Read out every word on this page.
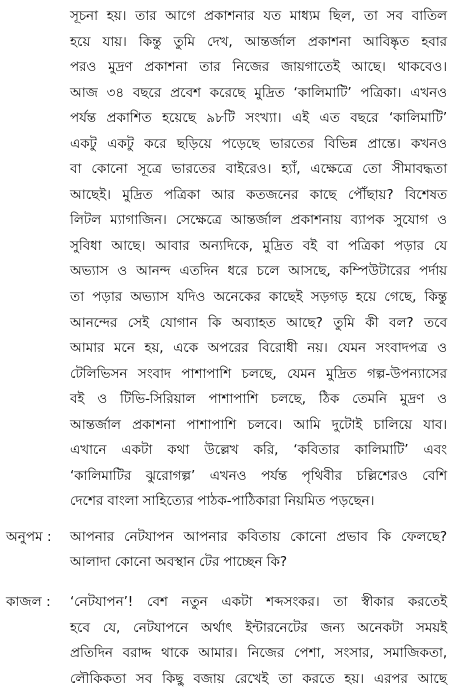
সূচনা হয়। তার আগে প্রকাশনার যত মাধ্যম ছিল, তা সব বাতিল
হয়ে যায়। কিন্তু তুমি দেখ, আন্তর্জাল প্রকাশনা আবিষ্কৃত হবার
পরও মুদ্রণ প্রকাশনা তার নিজের জায়গাতেই আছে। থাকবেও।
আজ ৩৪ বছরে প্রবেশ করেছে মুদ্রিত ‘কালিমাটি’ পত্রিকা। এখনও
পর্যন্ত প্রকাশিত হয়েছে ৯৮টি সংখ্যা। এই এত বছরে ‘কালিমাটি’
একটু একটু করে ছড়িয়ে পড়েছে ভারতের বিভিন্ন প্রান্তে। কখনও
বা কোনো সূত্রে ভারতের বাইরেও। হ্যাঁ, এক্ষেত্রে তো সীমাবদ্ধতা
আছেই। মুদ্রিত পত্রিকা আর কতজনের কাছে পৌঁছায়? বিশেষত
লিটল ম্যাগাজিন। সেক্ষেত্রে আন্তর্জাল প্রকাশনায় ব্যাপক সুযোগ ও
সুবিধা আছে। আবার অন্যদিকে, মুদ্রিত বই বা পত্রিকা পড়ার যে
অভ্যাস ও আনন্দ এতদিন ধরে চলে আসছে, কম্পিউটারের পর্দায়
তা পড়ার অভ্যাস যদিও অনেকের কাছেই সড়গড় হয়ে গেছে, কিন্তু
আনন্দের সেই যোগান কি অব্যাহত আছে? তুমি কী বল? তবে
আমার মনে হয়, একে অপরের বিরোধী নয়। যেমন সংবাদপত্র ও
টেলিভিসন সংবাদ পাশাপাশি চলছে, যেমন মুদ্রিত গল্প-উপন্যাসের
বই ও টিভি-সিরিয়াল পাশাপাশি চলছে, ঠিক তেমনি মুদ্রণ ও
আন্তর্জাল প্রকাশনা পাশাপাশি চলবে। আমি দুটোই চালিয়ে যাব।
এখানে একটা কথা উল্লেখ করি, ‘কবিতার কালিমাটি’ এবং
‘কালিমাটির ঝুরোগল্প’ এখনও পর্যন্ত পৃথিবীর চল্লিশেরও বেশি
দেশের বাংলা সাহিত্যের পাঠক-পাঠিকারা নিয়মিত পড়ছেন।
অনুপম : আপনার নেটযাপন আপনার কবিতায় কোনো প্রভাব কি ফেলছে?
আলাদা কোনো অবস্থান টের পাচ্ছেন কি?
কাজল : ‘নেটযাপন’! বেশ নতুন একটা শব্দসংকর। তা স্বীকার করতেই
হবে যে, নেটযাপনে অর্থাৎ ইন্টারনেটের জন্য অনেকটা সময়ই
প্রতিদিন বরাদ্দ থাকে আমার। নিজের পেশা, সংসার, সমাজিকতা,
লৌকিকতা সব কিছু বজায় রেখেই তা করতে হয়। এরপর আছে
